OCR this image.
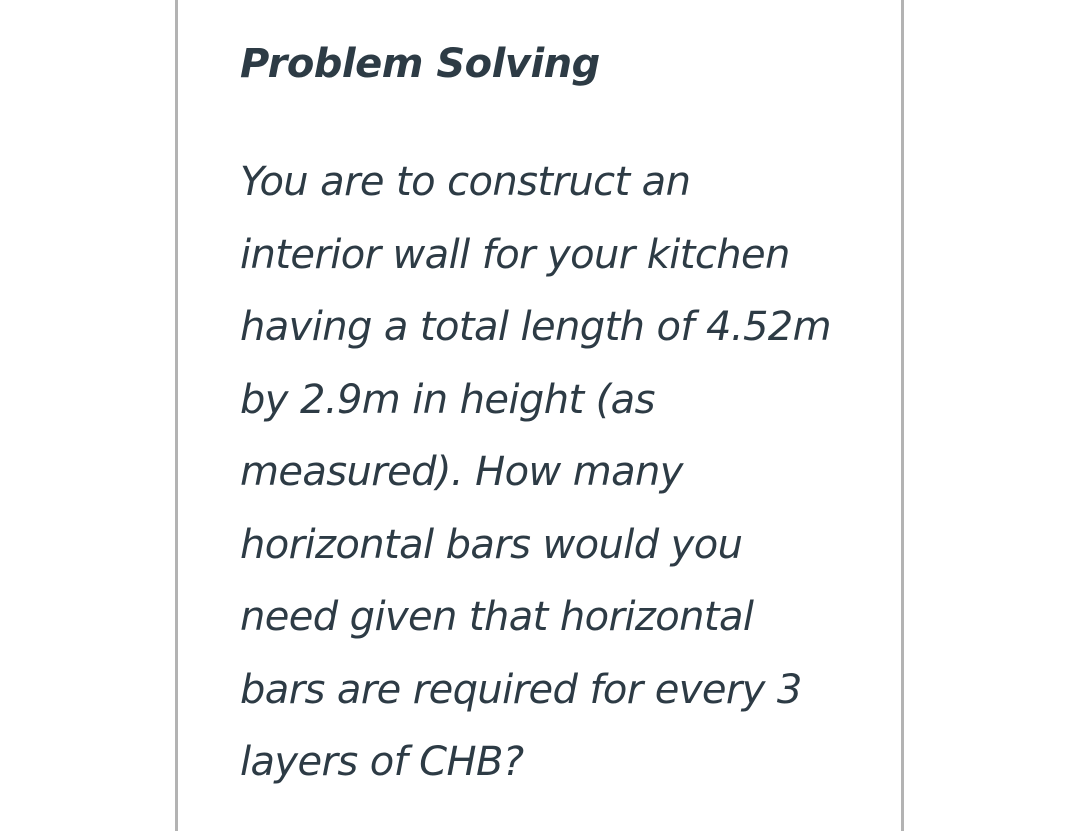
Problem Solving

You are to construct an
interior wall for your kitchen
having a total length of 4.52m
by 2.9m in height (as
measured). How many
horizontal bars would you
need given that horizontal
bars are required for every 3
layers of CHB?
